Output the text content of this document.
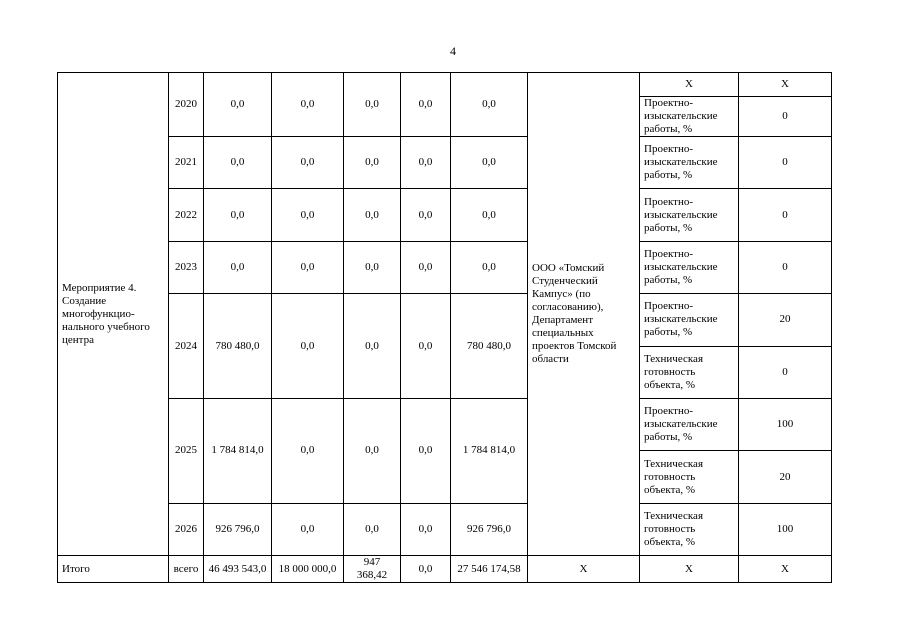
4
Мероприятие 4. Создание многофункцио-нального учебного центра	2020	0,0	0,0	0,0	0,0	0,0	ООО «Томский Студенческий Кампус» (по согласованию), Департамент специальных проектов Томской области	Х	Х
								Проектно-изыскательские работы, %	0
	2021	0,0	0,0	0,0	0,0	0,0		Проектно-изыскательские работы, %	0
	2022	0,0	0,0	0,0	0,0	0,0		Проектно-изыскательские работы, %	0
	2023	0,0	0,0	0,0	0,0	0,0		Проектно-изыскательские работы, %	0
	2024	780 480,0	0,0	0,0	0,0	780 480,0		Проектно-изыскательские работы, %	20
								Техническая готовность объекта, %	0
	2025	1 784 814,0	0,0	0,0	0,0	1 784 814,0		Проектно-изыскательские работы, %	100
								Техническая готовность объекта, %	20
	2026	926 796,0	0,0	0,0	0,0	926 796,0		Техническая готовность объекта, %	100
Итого	всего	46 493 543,0	18 000 000,0	947 368,42	0,0	27 546 174,58	Х	Х	Х
